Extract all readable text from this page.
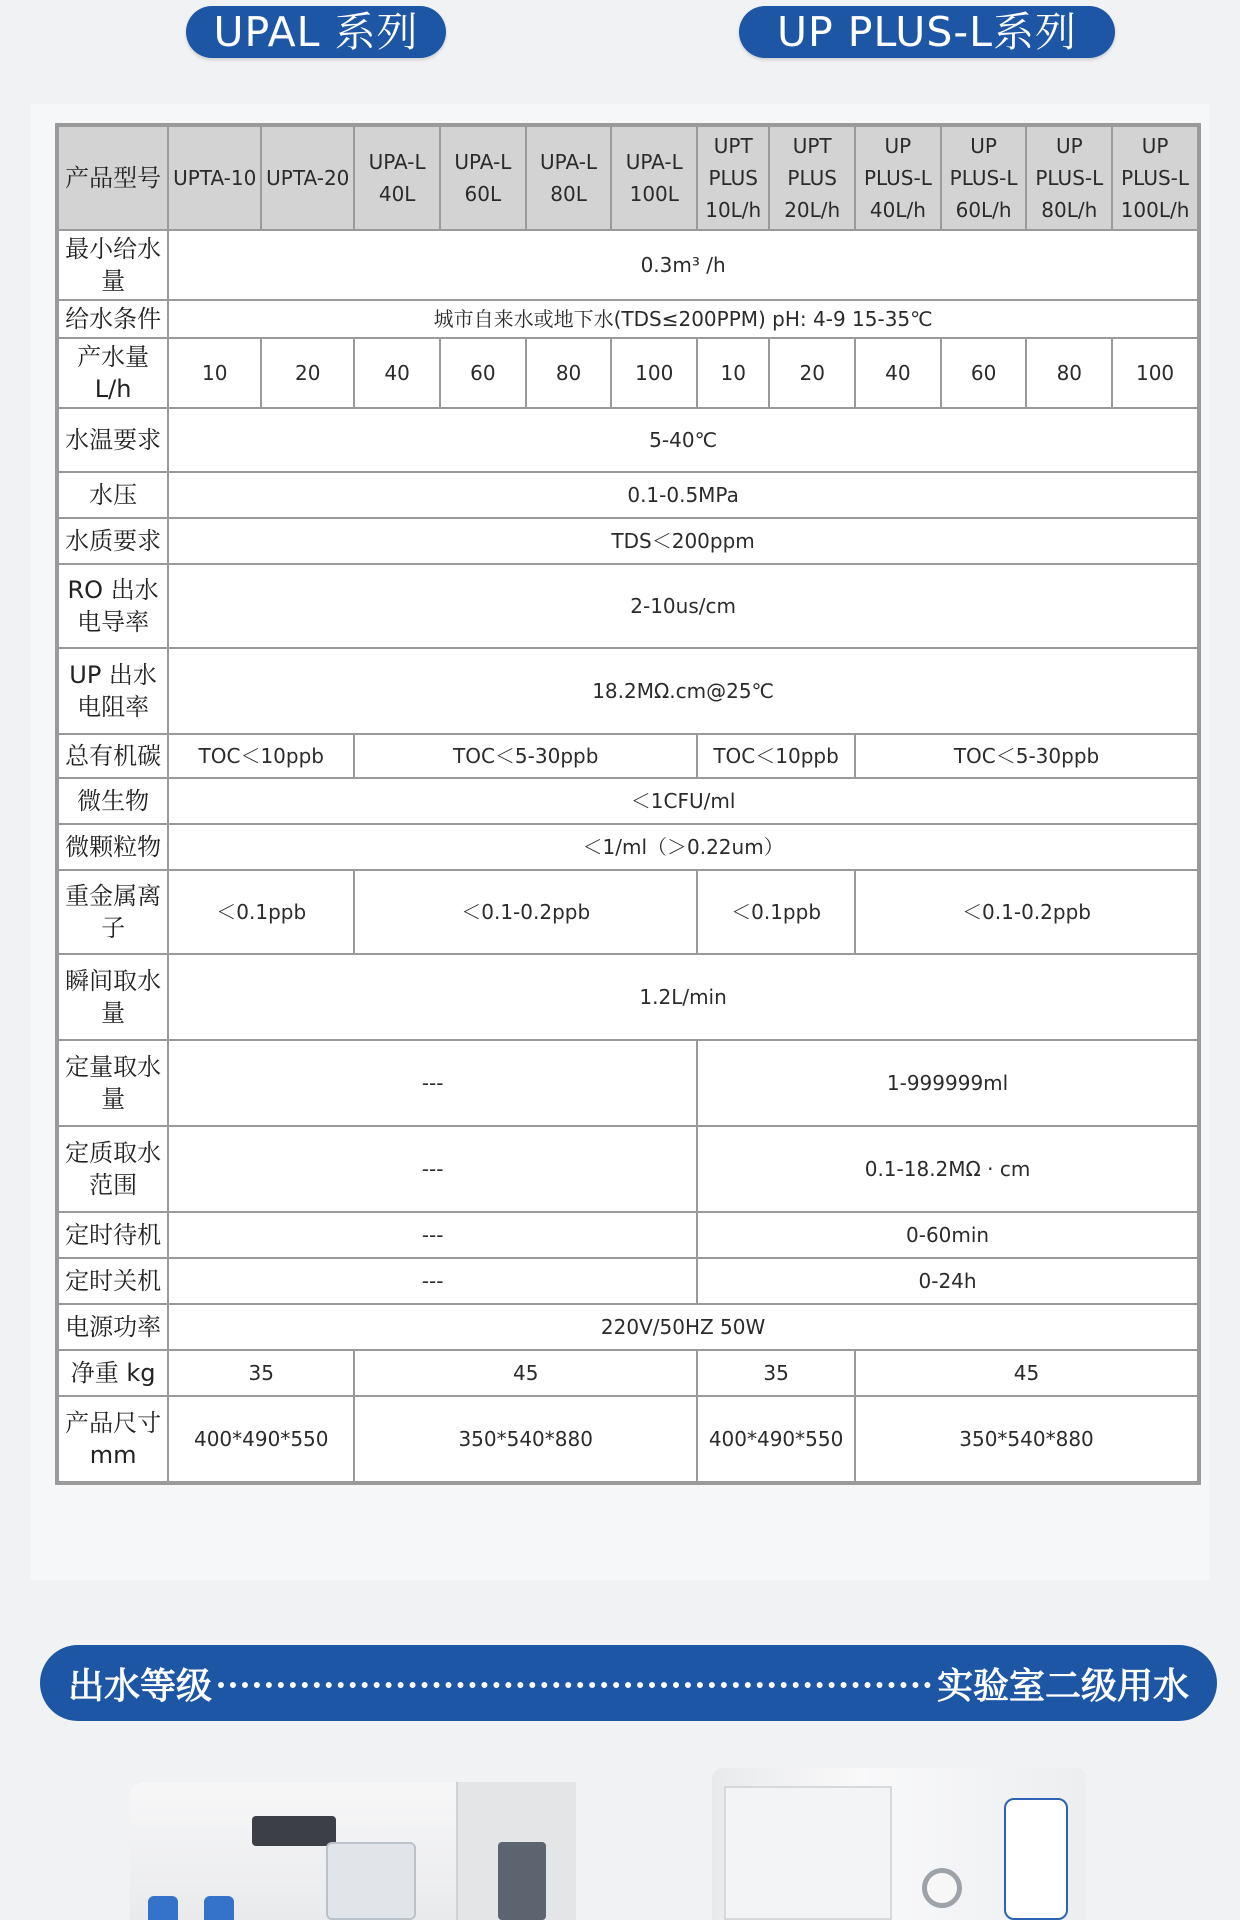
UPAL 系列	UP PLUS-L系列
产品型号	UPTA-10	UPTA-20	UPA-L 40L	UPA-L 60L	UPA-L 80L	UPA-L 100L	UPT PLUS 10L/h	UPT PLUS 20L/h	UP PLUS-L 40L/h	UP PLUS-L 60L/h	UP PLUS-L 80L/h	UP PLUS-L 100L/h
最小给水量	0.3m³ /h											
给水条件	城市自来水或地下水(TDS≤200PPM) pH: 4-9 15-35℃											
产水量 L/h	10	20	40	60	80	100	10	20	40	60	80	100
水温要求	5-40℃											
水压	0.1-0.5MPa											
水质要求	TDS＜200ppm											
RO 出水电导率	2-10us/cm											
UP 出水电阻率	18.2MΩ.cm@25℃											
总有机碳	TOC＜10ppb		TOC＜5-30ppb				TOC＜10ppb		TOC＜5-30ppb			
微生物	＜1CFU/ml											
微颗粒物	＜1/ml（＞0.22um）											
重金属离子	＜0.1ppb		＜0.1-0.2ppb				＜0.1ppb		＜0.1-0.2ppb			
瞬间取水量	1.2L/min											
定量取水量	---						1-999999ml					
定质取水范围	---						0.1-18.2MΩ · cm					
定时待机	---						0-60min					
定时关机	---						0-24h					
电源功率	220V/50HZ 50W											
净重 kg	35		45				35		45			
产品尺寸 mm	400*490*550		350*540*880				400*490*550		350*540*880			
出水等级	实验室二级用水
